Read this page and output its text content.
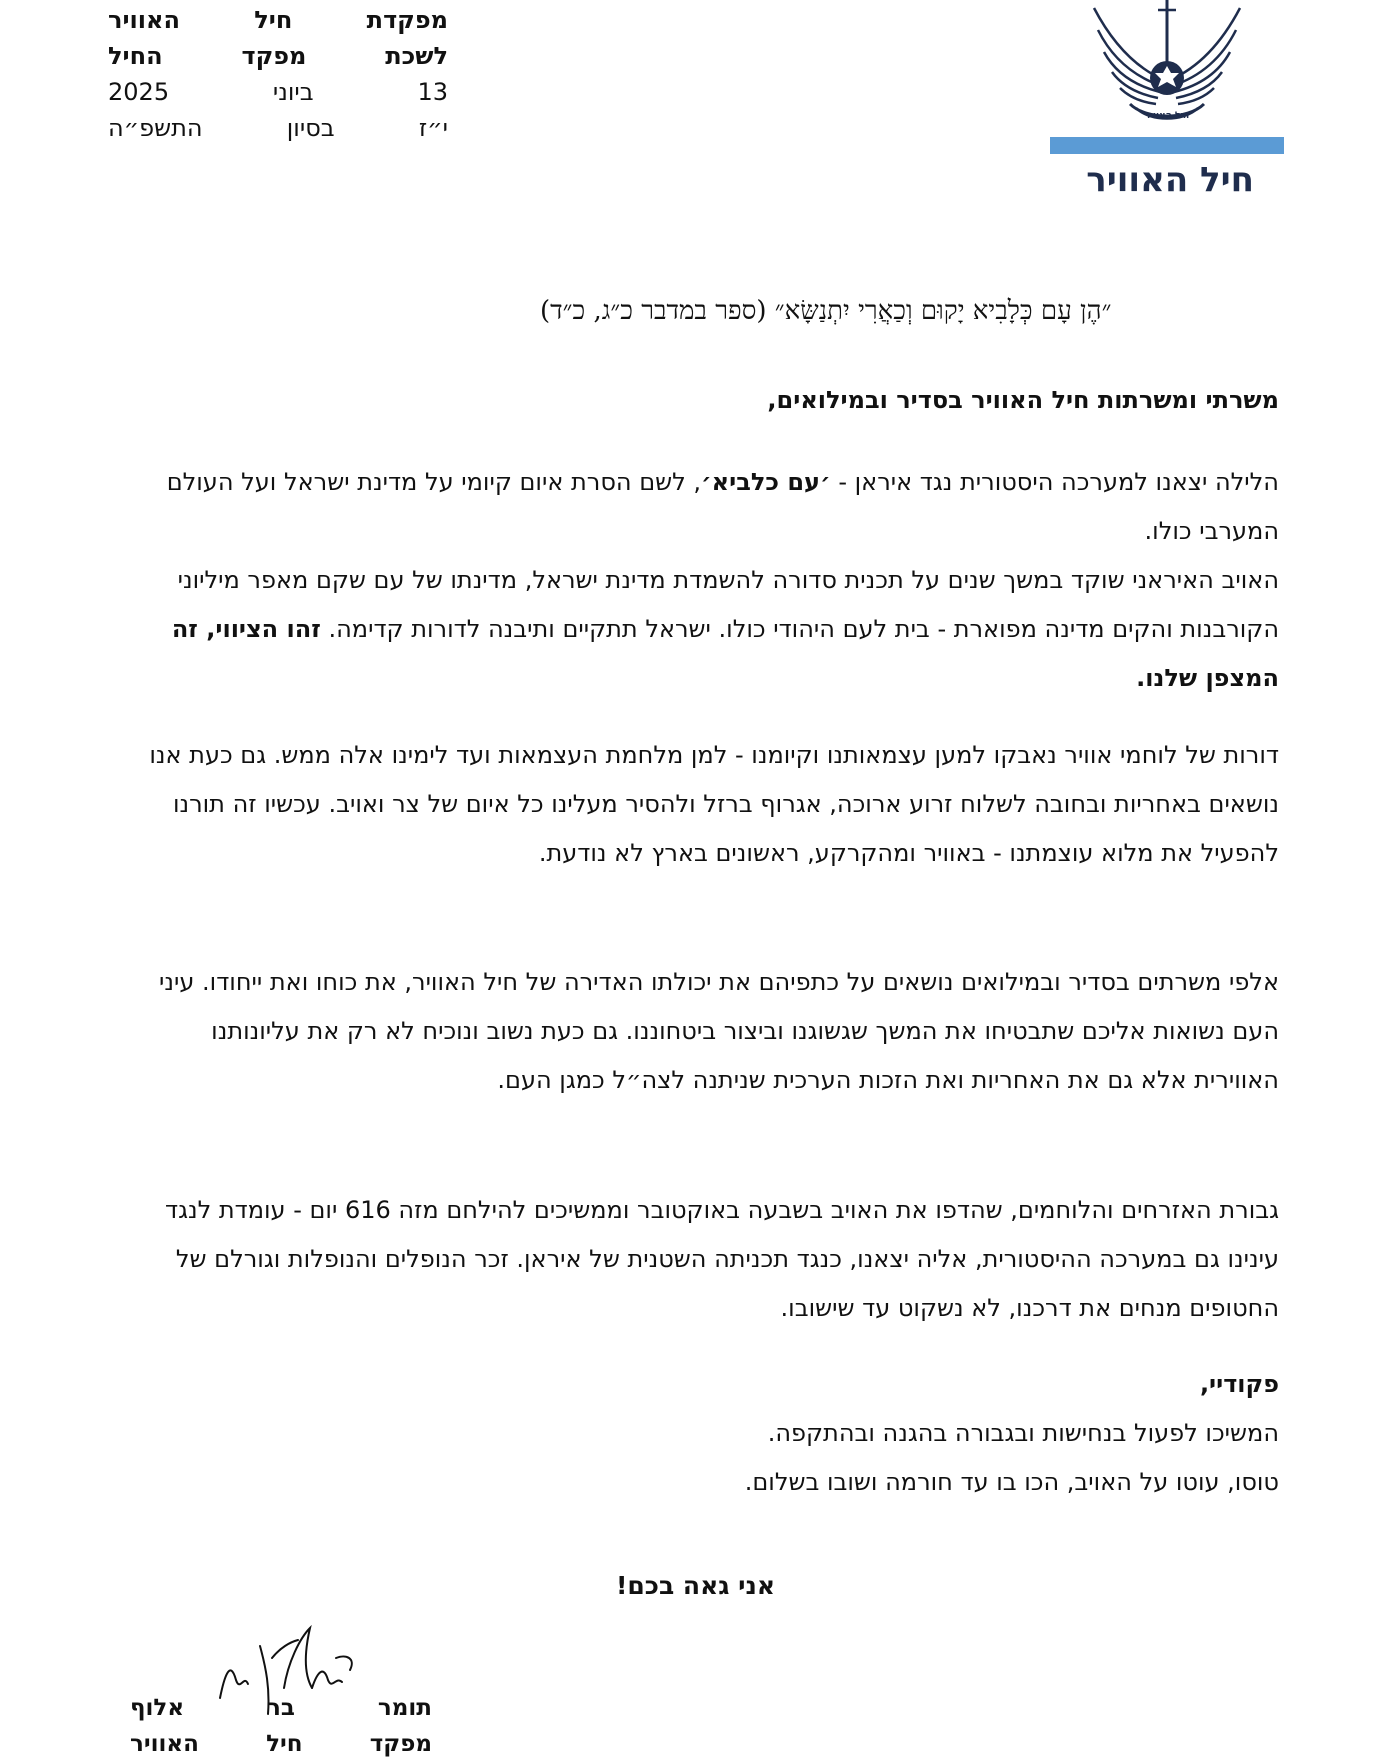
חיל האוויר
חיל האוויר
מפקדת
חיל
האוויר
לשכת
מפקד
החיל
13
ביוני
2025
י״ז
בסיון
התשפ״ה
״הֶן עָם כְּלָבִיא יָקוּם וְכַאֲרִי יִתְנַשָּׂא״ (ספר במדבר כ״ג, כ״ד)
משרתי ומשרתות חיל האוויר בסדיר ובמילואים,

הלילה יצאנו למערכה היסטורית נגד איראן - ׳עם כלביא׳, לשם הסרת איום קיומי על מדינת ישראל ועל העולם המערבי כולו.

האויב האיראני שוקד במשך שנים על תכנית סדורה להשמדת מדינת ישראל, מדינתו של עם שקם מאפר מיליוני הקורבנות והקים מדינה מפוארת - בית לעם היהודי כולו. ישראל תתקיים ותיבנה לדורות קדימה. זהו הציווי, זה המצפן שלנו.

דורות של לוחמי אוויר נאבקו למען עצמאותנו וקיומנו - למן מלחמת העצמאות ועד לימינו אלה ממש. גם כעת אנו נושאים באחריות ובחובה לשלוח זרוע ארוכה, אגרוף ברזל ולהסיר מעלינו כל איום של צר ואויב. עכשיו זה תורנו להפעיל את מלוא עוצמתנו - באוויר ומהקרקע, ראשונים בארץ לא נודעת.

אלפי משרתים בסדיר ובמילואים נושאים על כתפיהם את יכולתו האדירה של חיל האוויר, את כוחו ואת ייחודו. עיני העם נשואות אליכם שתבטיחו את המשך שגשוגנו וביצור ביטחוננו. גם כעת נשוב ונוכיח לא רק את עליונותנו האווירית אלא גם את האחריות ואת הזכות הערכית שניתנה לצה״ל כמגן העם.

גבורת האזרחים והלוחמים, שהדפו את האויב בשבעה באוקטובר וממשיכים להילחם מזה 616 יום - עומדת לנגד עינינו גם במערכה ההיסטורית, אליה יצאנו, כנגד תכניתה השטנית של איראן. זכר הנופלים והנופלות וגורלם של החטופים מנחים את דרכנו, לא נשקוט עד שישובו.

פקודיי,

המשיכו לפעול בנחישות ובגבורה בהגנה ובהתקפה.

טוסו, עוטו על האויב, הכו בו עד חורמה ושובו בשלום.

אני גאה בכם!
תומר
בר
אלוף
מפקד
חיל
האוויר
